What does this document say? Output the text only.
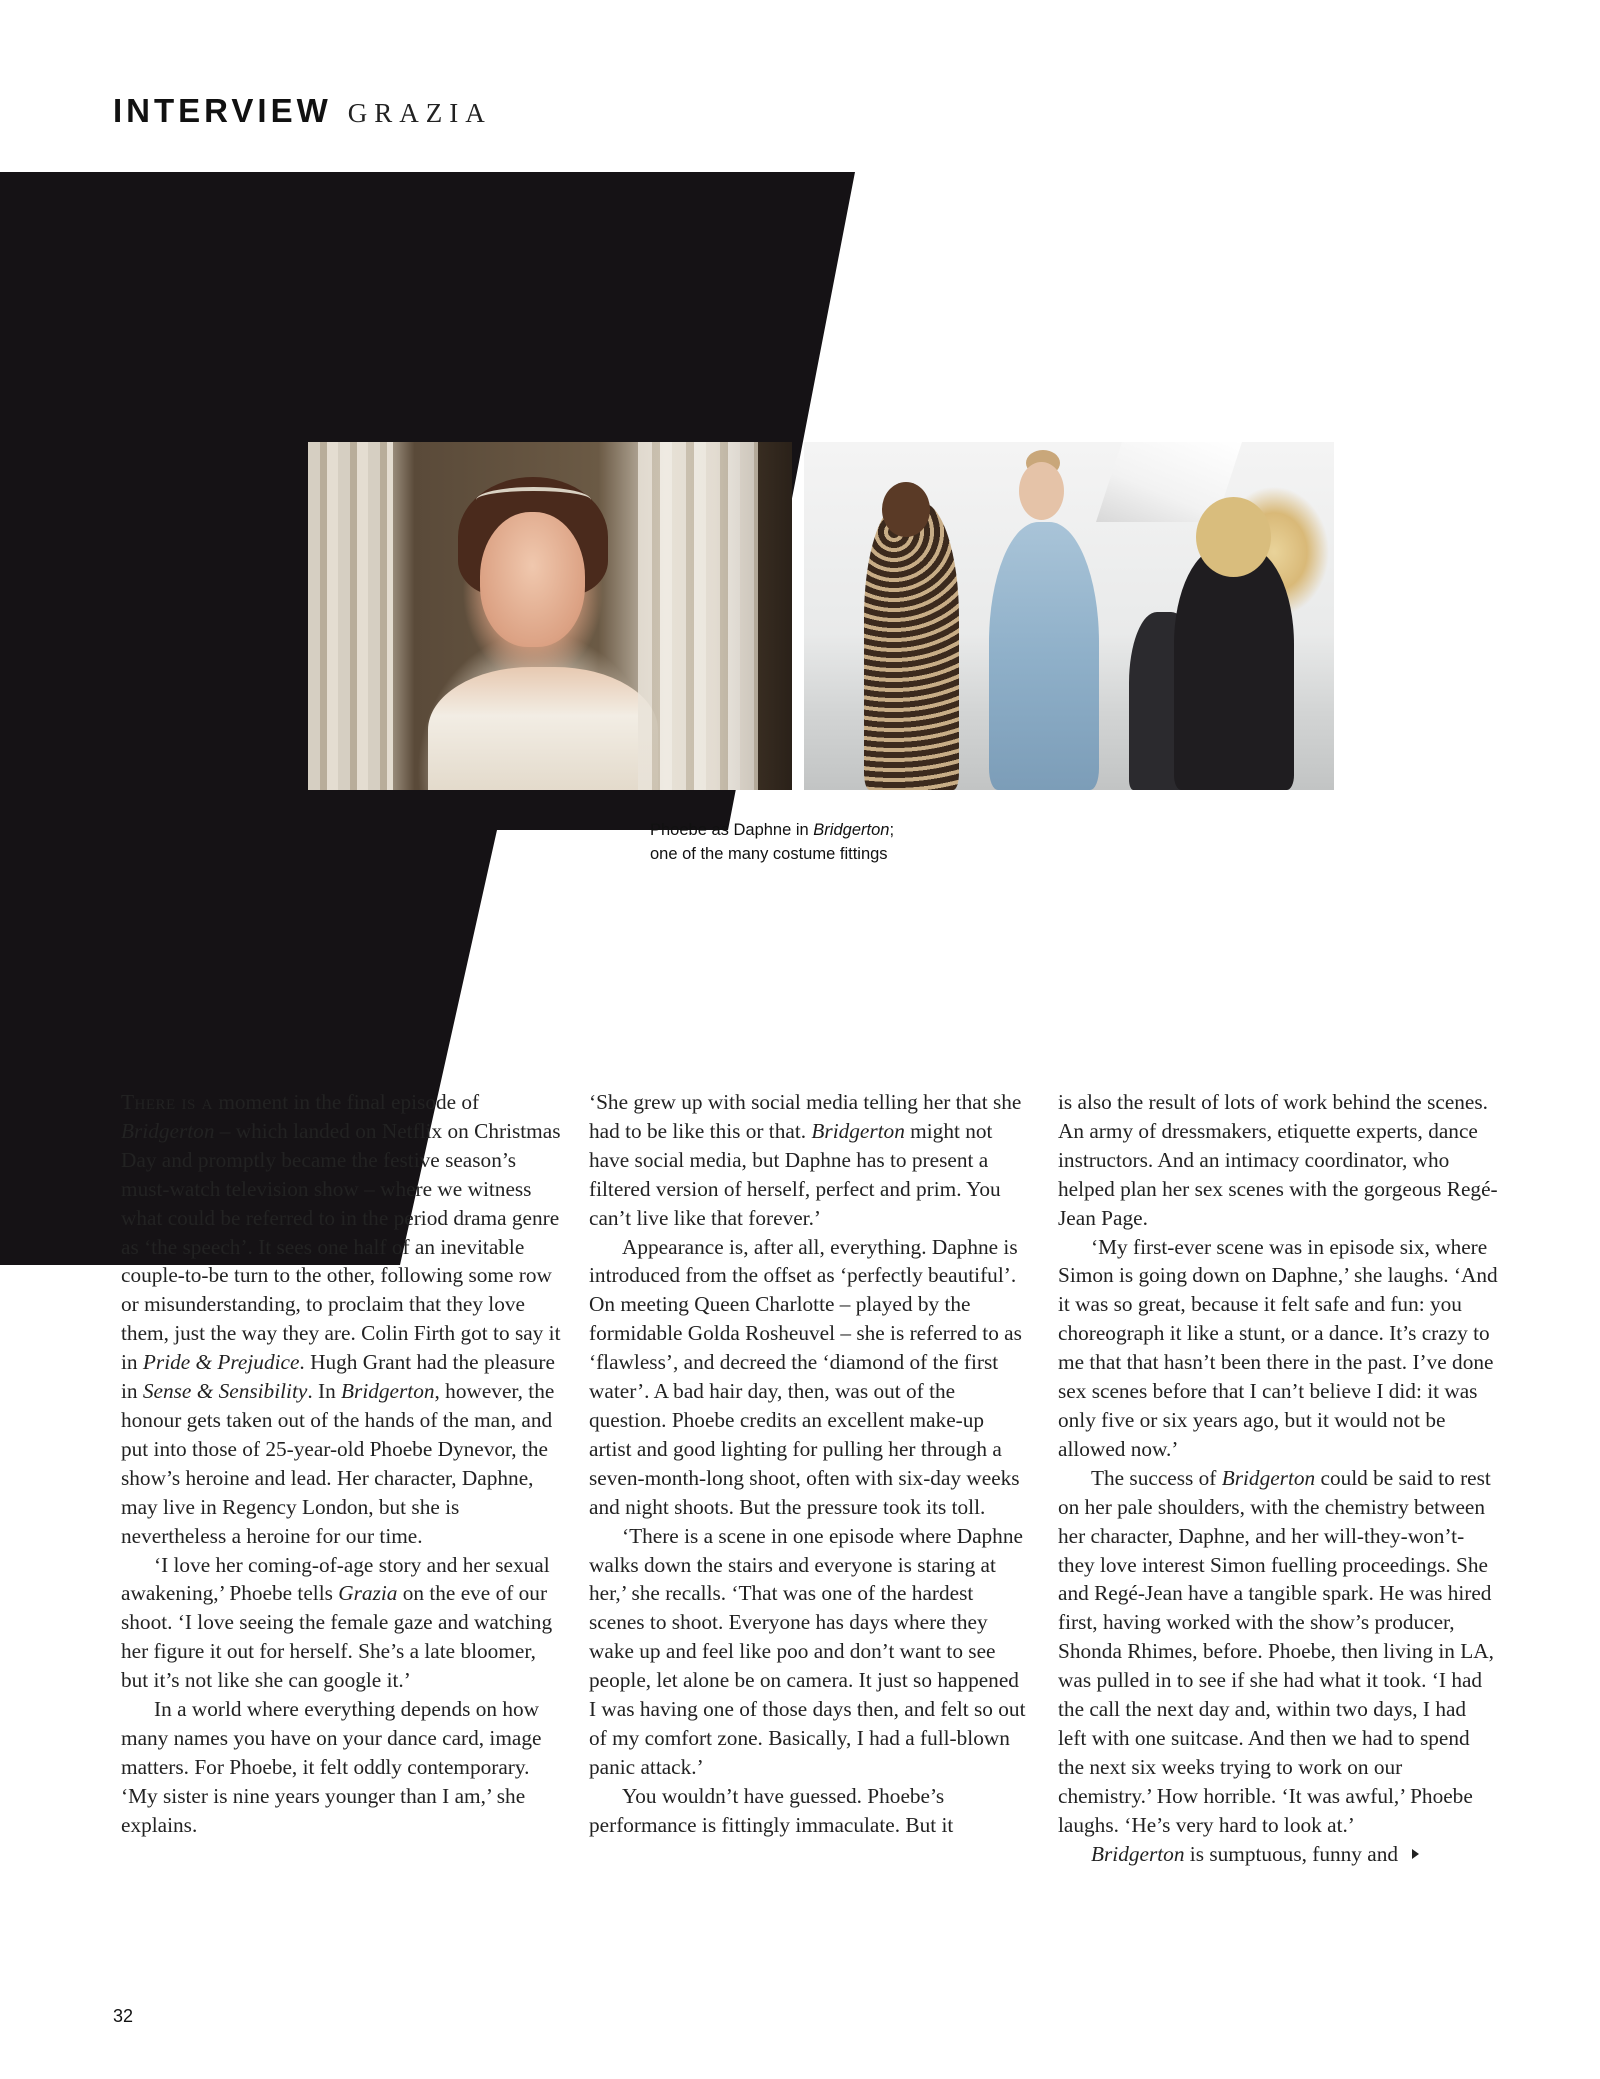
INTERVIEW GRAZIA

Phoebe as Daphne in Bridgerton;

one of the many costume fittings

There is a moment in the final episode of Bridgerton – which landed on Netflix on Christmas Day and promptly became the festive season’s must-watch television show – where we witness what could be referred to in the period drama genre as ‘the speech’. It sees one half of an inevitable couple-to-be turn to the other, following some row or misunderstanding, to proclaim that they love them, just the way they are. Colin Firth got to say it in Pride & Prejudice. Hugh Grant had the pleasure in Sense & Sensibility. In Bridgerton, however, the honour gets taken out of the hands of the man, and put into those of 25-year-old Phoebe Dynevor, the show’s heroine and lead. Her character, Daphne, may live in Regency London, but she is nevertheless a heroine for our time.

‘I love her coming-of-age story and her sexual awakening,’ Phoebe tells Grazia on the eve of our shoot. ‘I love seeing the female gaze and watching her figure it out for herself. She’s a late bloomer, but it’s not like she can google it.’

In a world where everything depends on how many names you have on your dance card, image matters. For Phoebe, it felt oddly contemporary. ‘My sister is nine years younger than I am,’ she explains.

‘She grew up with social media telling her that she had to be like this or that. Bridgerton might not have social media, but Daphne has to present a filtered version of herself, perfect and prim. You can’t live like that forever.’

Appearance is, after all, everything. Daphne is introduced from the offset as ‘perfectly beautiful’. On meeting Queen Charlotte – played by the formidable Golda Rosheuvel – she is referred to as ‘flawless’, and decreed the ‘diamond of the first water’. A bad hair day, then, was out of the question. Phoebe credits an excellent make-up artist and good lighting for pulling her through a seven-month-long shoot, often with six-day weeks and night shoots. But the pressure took its toll.

‘There is a scene in one episode where Daphne walks down the stairs and everyone is staring at her,’ she recalls. ‘That was one of the hardest scenes to shoot. Everyone has days where they wake up and feel like poo and don’t want to see people, let alone be on camera. It just so happened I was having one of those days then, and felt so out of my comfort zone. Basically, I had a full-blown panic attack.’

You wouldn’t have guessed. Phoebe’s performance is fittingly immaculate. But it

is also the result of lots of work behind the scenes. An army of dressmakers, etiquette experts, dance instructors. And an intimacy coordinator, who helped plan her sex scenes with the gorgeous Regé-Jean Page.

‘My first-ever scene was in episode six, where Simon is going down on Daphne,’ she laughs. ‘And it was so great, because it felt safe and fun: you choreograph it like a stunt, or a dance. It’s crazy to me that that hasn’t been there in the past. I’ve done sex scenes before that I can’t believe I did: it was only five or six years ago, but it would not be allowed now.’

The success of Bridgerton could be said to rest on her pale shoulders, with the chemistry between her character, Daphne, and her will-they-won’t-they love interest Simon fuelling proceedings. She and Regé-Jean have a tangible spark. He was hired first, having worked with the show’s producer, Shonda Rhimes, before. Phoebe, then living in LA, was pulled in to see if she had what it took. ‘I had the call the next day and, within two days, I had left with one suitcase. And then we had to spend the next six weeks trying to work on our chemistry.’ How horrible. ‘It was awful,’ Phoebe laughs. ‘He’s very hard to look at.’

Bridgerton is sumptuous, funny and

32
